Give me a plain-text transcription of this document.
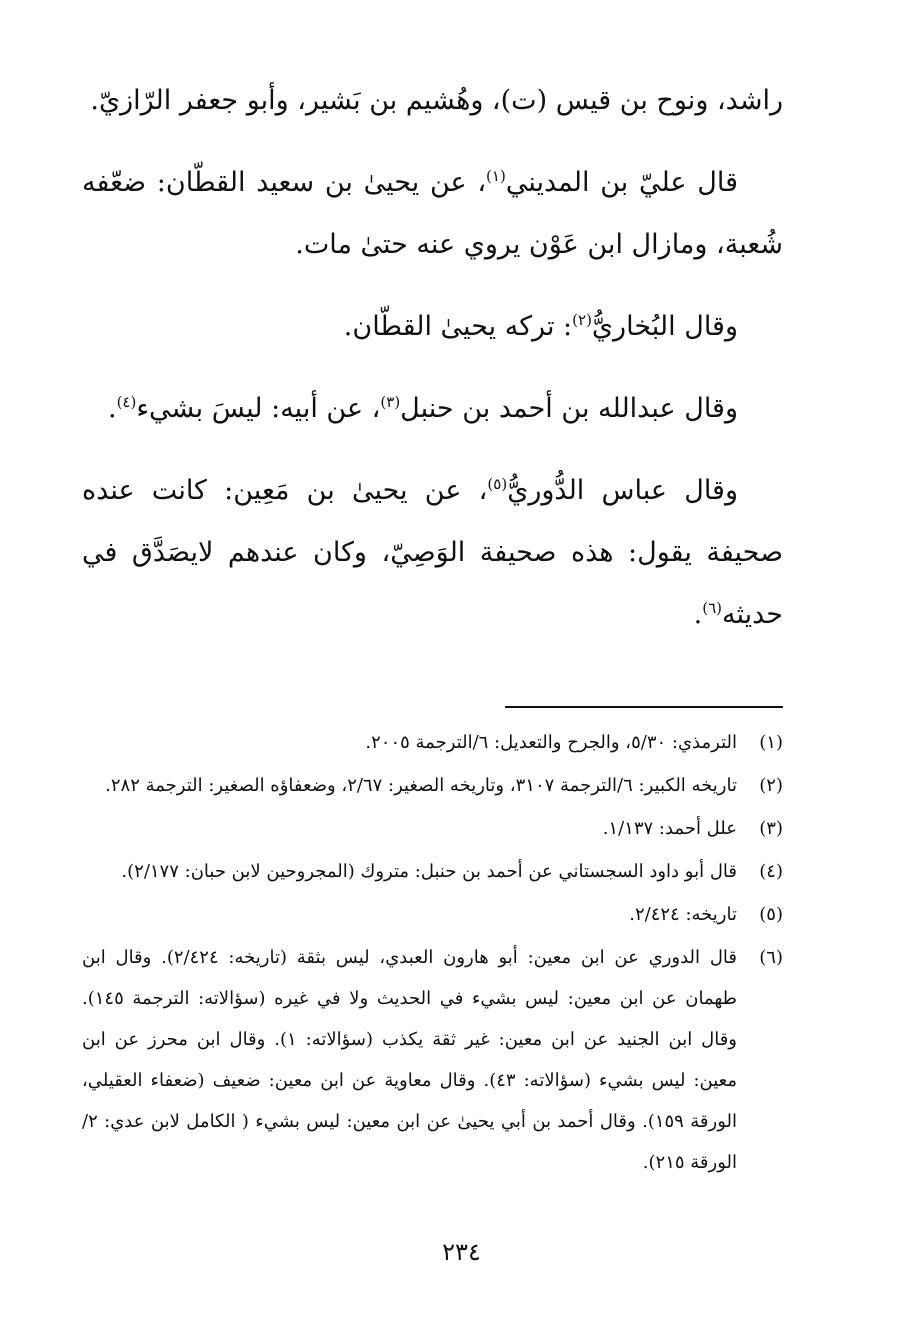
راشد، ونوح بن قيس (ت)، وهُشيم بن بَشير، وأبو جعفر الرّازيّ.

قال عليّ بن المديني$^{(١)}$، عن يحيىٰ بن سعيد القطّان: ضعّفه شُعبة، ومازال ابن عَوْن يروي عنه حتىٰ مات.

وقال البُخاريُّ$^{(٢)}$: تركه يحيىٰ القطّان.

وقال عبدالله بن أحمد بن حنبل$^{(٣)}$، عن أبيه: ليسَ بشيء$^{(٤)}$.

وقال عباس الدُّوريُّ$^{(٥)}$، عن يحيىٰ بن مَعِين: كانت عنده صحيفة يقول: هذه صحيفة الوَصِيّ، وكان عندهم لايصَدَّق في حديثه$^{(٦)}$.

(١)
الترمذي: ٥/٣٠، والجرح والتعديل: ٦/الترجمة ٢٠٠٥.
(٢)
تاريخه الكبير: ٦/الترجمة ٣١٠٧، وتاريخه الصغير: ٢/٦٧، وضعفاؤه الصغير: الترجمة ٢٨٢.
(٣)
علل أحمد: ١/١٣٧.
(٤)
قال أبو داود السجستاني عن أحمد بن حنبل: متروك (المجروحين لابن حبان: ٢/١٧٧).
(٥)
تاريخه: ٢/٤٢٤.
(٦)
قال الدوري عن ابن معين: أبو هارون العبدي، ليس بثقة (تاريخه: ٢/٤٢٤). وقال ابن طهمان عن ابن معين: ليس بشيء في الحديث ولا في غيره (سؤالاته: الترجمة ١٤٥). وقال ابن الجنيد عن ابن معين: غير ثقة يكذب (سؤالاته: ١). وقال ابن محرز عن ابن معين: ليس بشيء (سؤالاته: ٤٣). وقال معاوية عن ابن معين: ضعيف (ضعفاء العقيلي، الورقة ١٥٩). وقال أحمد بن أبي يحيىٰ عن ابن معين: ليس بشيء ( الكامل لابن عدي: ٢/الورقة ٢١٥).
٢٣٤
